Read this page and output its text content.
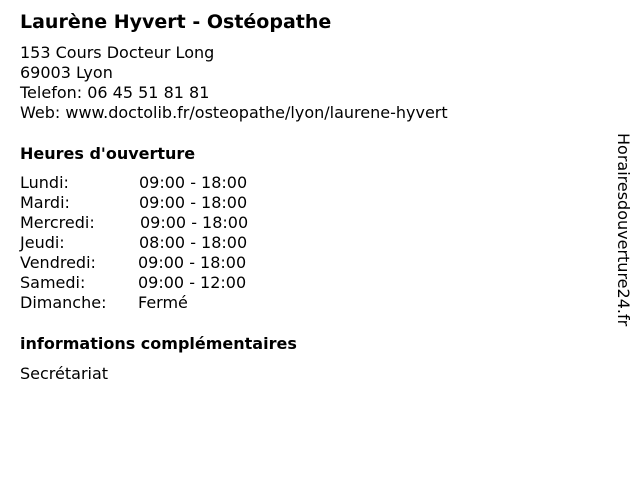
Laurène Hyvert - Ostéopathe
153 Cours Docteur Long
69003 Lyon
Telefon: 06 45 51 81 81
Web: www.doctolib.fr/osteopathe/lyon/laurene-hyvert
Heures d'ouverture
Lundi:	09:00 - 18:00
Mardi:	09:00 - 18:00
Mercredi:	09:00 - 18:00
Jeudi:	08:00 - 18:00
Vendredi:	09:00 - 18:00
Samedi:	09:00 - 12:00
Dimanche: Fermé
informations complémentaires
Secrétariat
Horairesdouverture24.fr
